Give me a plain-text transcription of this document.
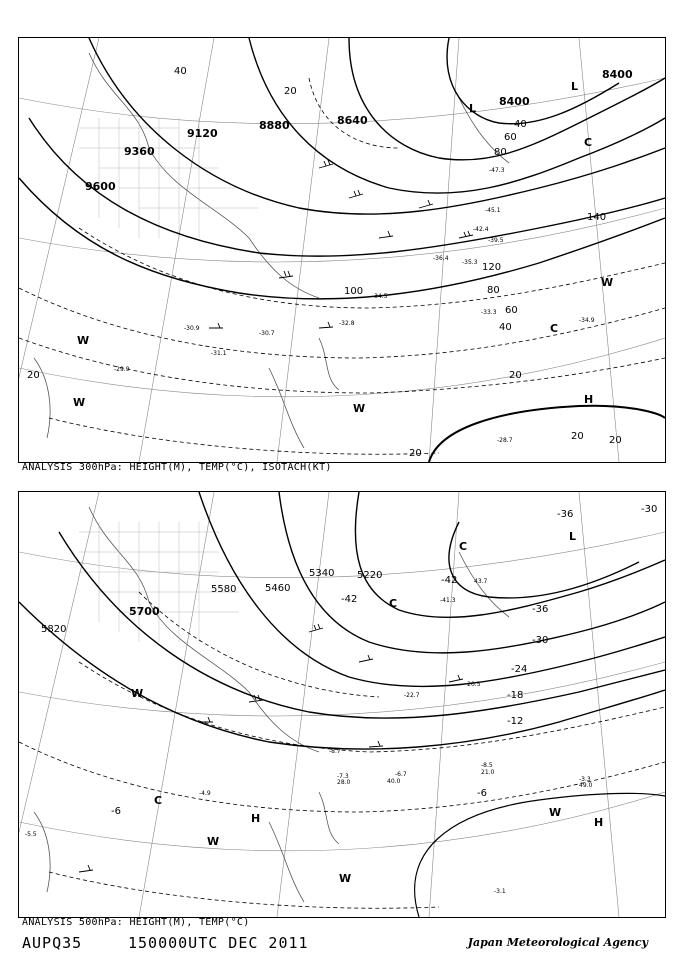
9600
9360
9120
8880	8640
8400
8400
140
120
100	80
80
60
60
40
40
40
20
20
20	20
20
20
-47.3
-45.1
-42.4
-39.5
-36.4
-35.3
-34.5
-32.8
-30.7
-31.1
-30.9
-29.9
-28.7
-33.3
-34.9
L
L
H
C
C
W
W	W
W
ANALYSIS 300hPa: HEIGHT(M), TEMP(°C), ISOTACH(KT)
5820
5700
5580	5460
5340 5220
-42
-42
-36
-36
-30
-30
-24
-18
-12
-6
-6
-8.7
-8.5
-6.7
-7.3	-3.3
-3.1
-4.9
-5.5
-20.5
-22.7
-41.3
43.7
40.0
49.0
21.0
28.0
L
C
C
C
H	H
W
W
W
W
ANALYSIS 500hPa: HEIGHT(M), TEMP(°C)
AUPQ35	150000UTC DEC 2011	Japan Meteorological Agency
